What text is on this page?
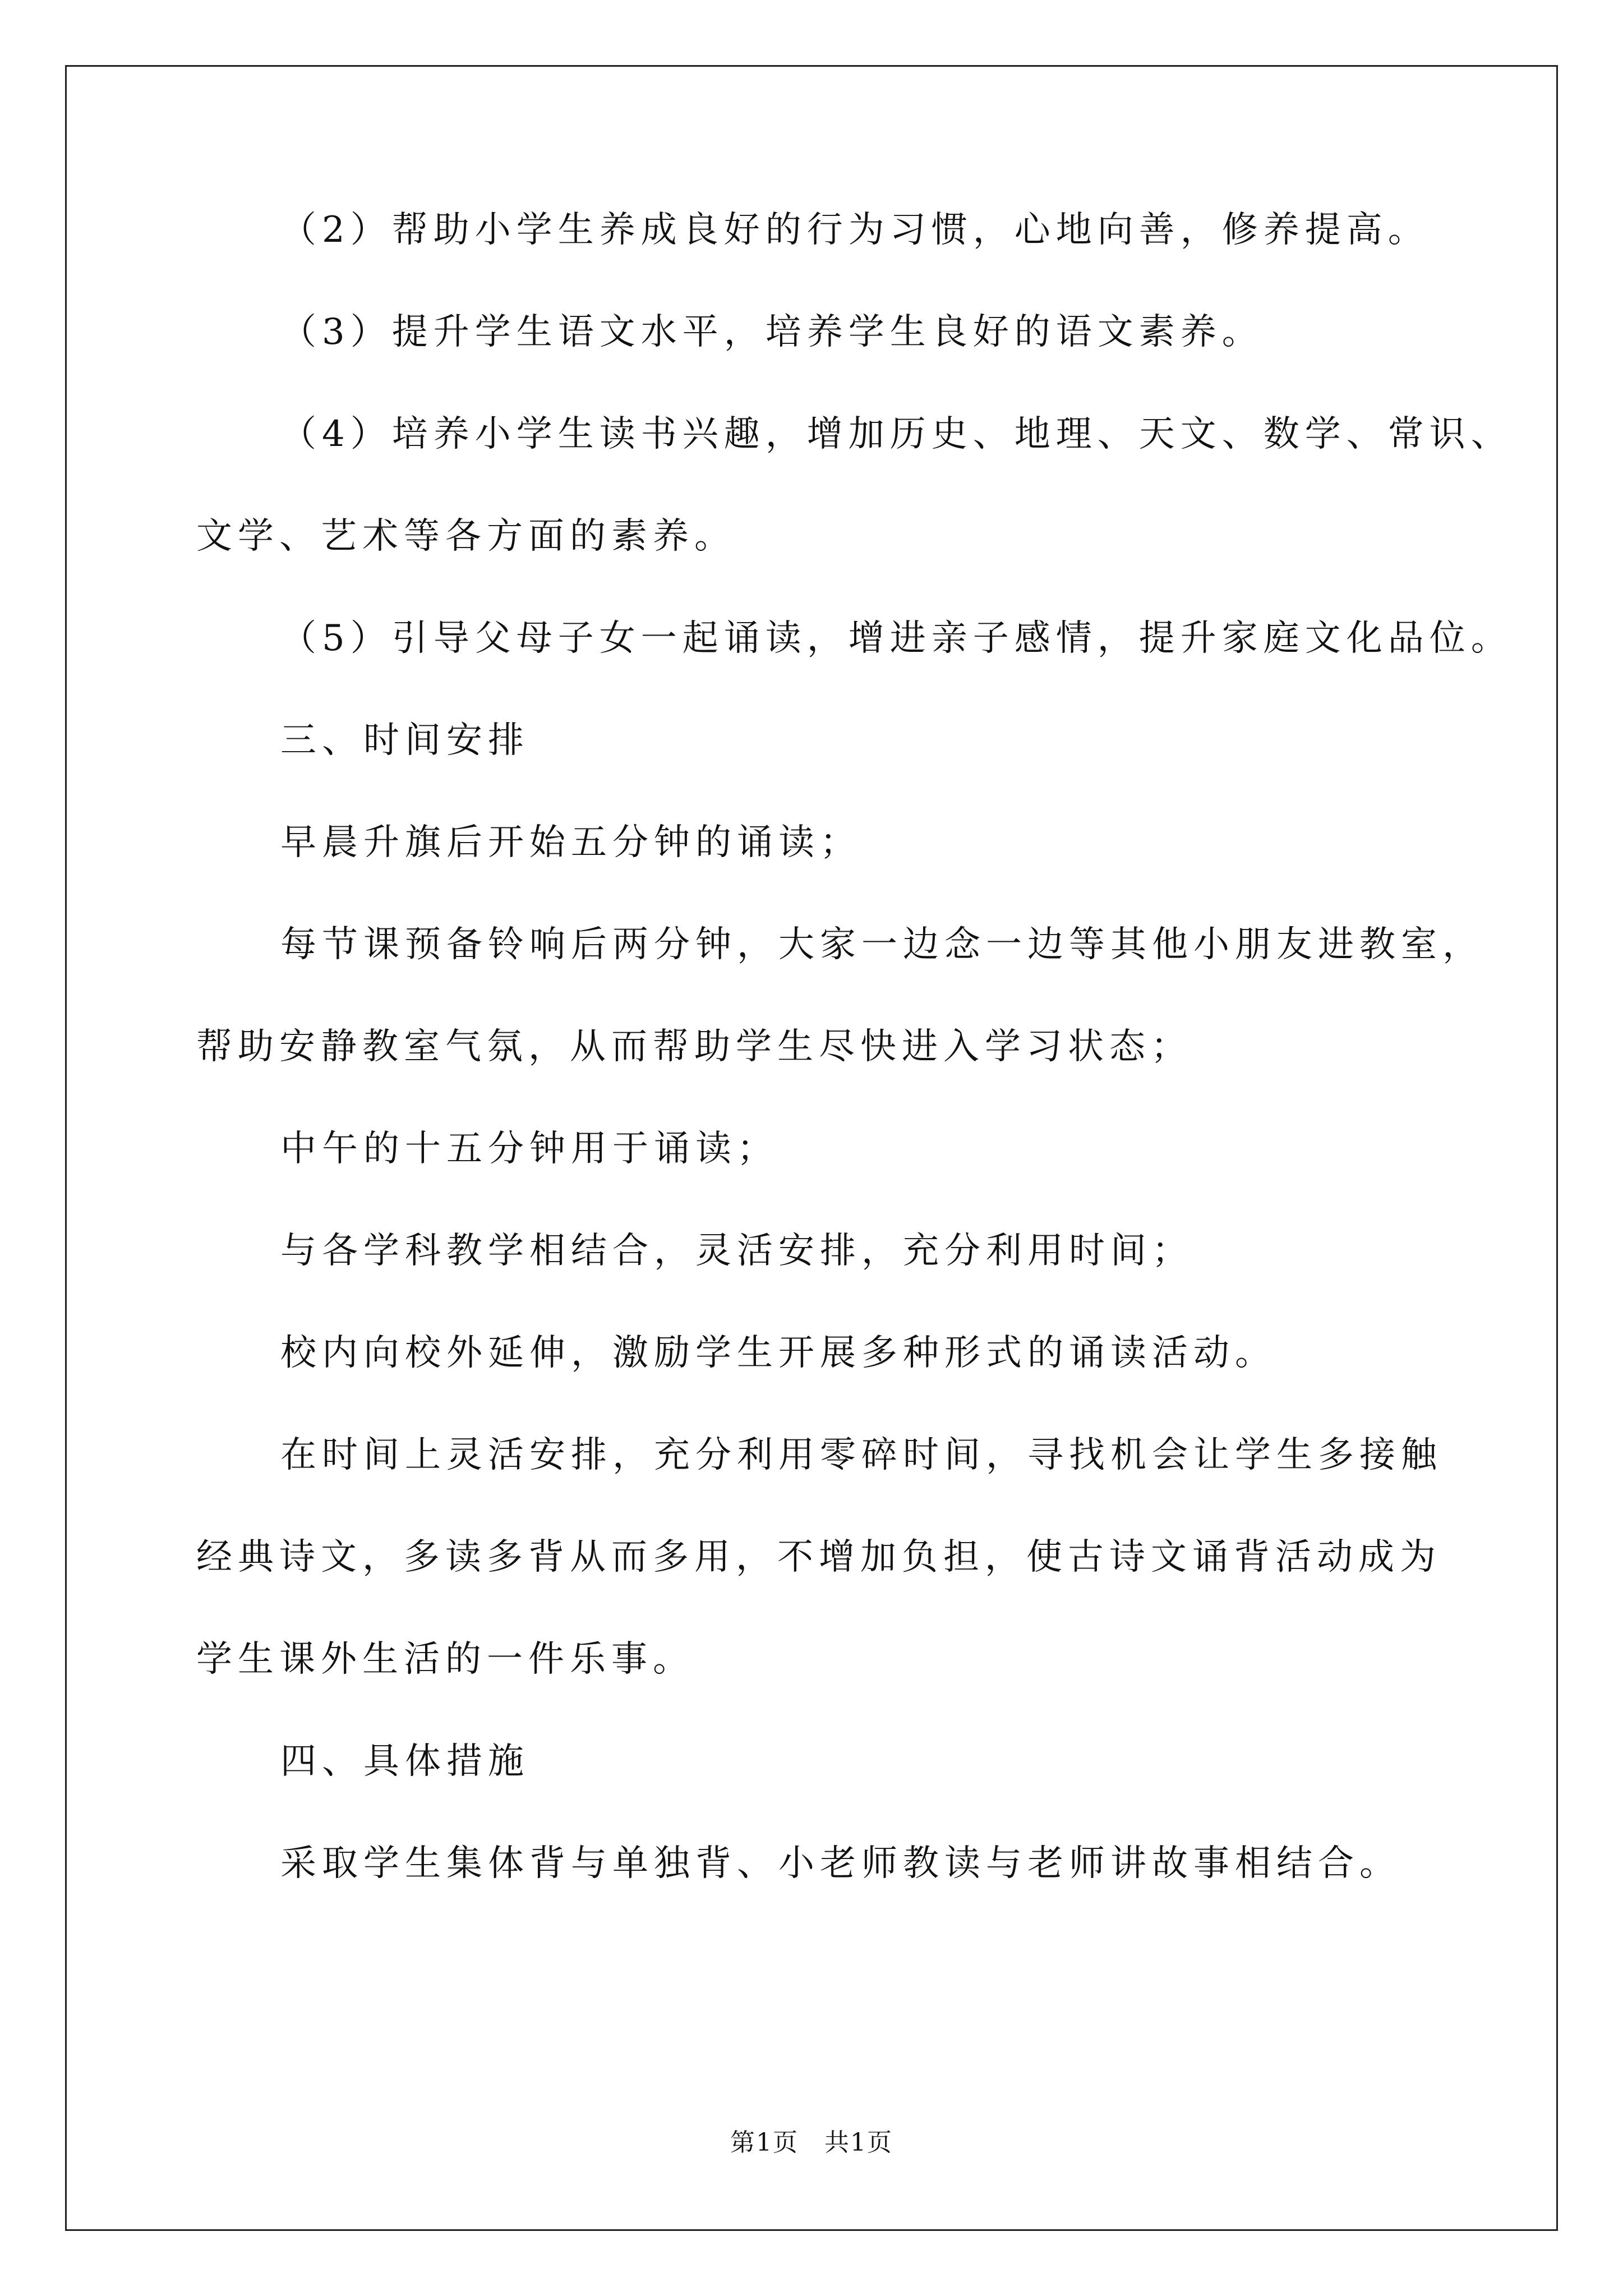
（2）帮助小学生养成良好的行为习惯，心地向善，修养提高。

（3）提升学生语文水平，培养学生良好的语文素养。

（4）培养小学生读书兴趣，增加历史、地理、天文、数学、常识、

文学、艺术等各方面的素养。

（5）引导父母子女一起诵读，增进亲子感情，提升家庭文化品位。

三、时间安排

早晨升旗后开始五分钟的诵读；

每节课预备铃响后两分钟，大家一边念一边等其他小朋友进教室，

帮助安静教室气氛，从而帮助学生尽快进入学习状态；

中午的十五分钟用于诵读；

与各学科教学相结合，灵活安排，充分利用时间；

校内向校外延伸，激励学生开展多种形式的诵读活动。

在时间上灵活安排，充分利用零碎时间，寻找机会让学生多接触

经典诗文，多读多背从而多用，不增加负担，使古诗文诵背活动成为

学生课外生活的一件乐事。

四、具体措施

采取学生集体背与单独背、小老师教读与老师讲故事相结合。

第1页　共1页
